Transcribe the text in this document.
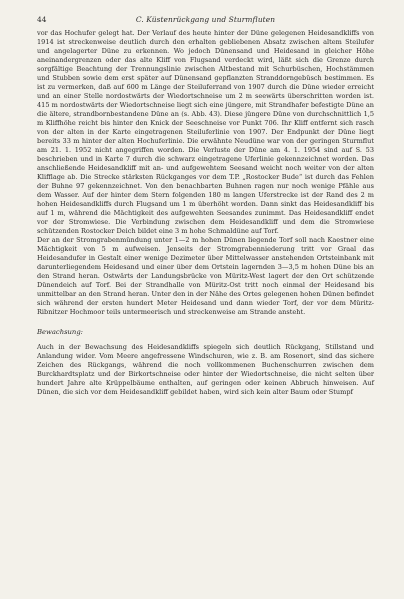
44	C. Küstenrückgang und Sturmfluten

vor das Hochufer gelegt hat. Der Verlauf des heute hinter der Düne gelegenen Heidesandkliffs von 1914 ist streckenweise deutlich durch den erhalten gebliebenen Absatz zwischen altem Steilufer und angelagerter Düne zu erkennen. Wo jedoch Dünensand und Heidesand in gleicher Höhe aneinandergrenzen oder das alte Kliff von Flugsand verdeckt wird, läßt sich die Grenze durch sorgfältige Beachtung der Trennungslinie zwischen Altbestand mit Schurbüschen, Hochstämmen und Stubben sowie dem erst später auf Dünensand gepflanzten Stranddorngebüsch bestimmen. Es ist zu vermerken, daß auf 600 m Länge der Steiluferrand von 1907 durch die Düne wieder erreicht und an einer Stelle nordostwärts der Wiedortschneise um 2 m seewärts überschritten worden ist. 415 m nordostwärts der Wiedortschneise liegt sich eine jüngere, mit Strandhafer befestigte Düne an die ältere, strandbornbestandene Düne an (s. Abb. 43). Diese jüngere Düne von durchschnittlich 1,5 m Kliffhöhe reicht bis hinter den Knick der Seeschneise vor Punkt 706. Ihr Kliff entfernt sich rasch von der alten in der Karte eingetragenen Steiluferlinie von 1907. Der Endpunkt der Düne liegt bereits 33 m hinter der alten Hochuferlinie. Die erwähnte Neudüne war von der geringen Sturmflut am 21. 1. 1952 nicht angegriffen worden. Die Verluste der Düne am 4. 1. 1954 sind auf S. 53 beschrieben und in Karte 7 durch die schwarz eingetragene Uferlinie gekennzeichnet worden. Das anschließende Heidesandkliff mit an- und aufgewehtem Seesand weicht noch weiter von der alten Klifflage ab. Die Strecke stärksten Rückganges vor dem T.P. „Rostocker Bude“ ist durch das Fehlen der Buhne 97 gekennzeichnet. Von den benachbarten Buhnen ragen nur noch wenige Pfähle aus dem Wasser. Auf der hinter dem Stern folgenden 180 m langen Uferstrecke ist der Rand des 2 m hohen Heidesandkliffs durch Flugsand um 1 m überhöht worden. Dann sinkt das Heidesandkliff bis auf 1 m, während die Mächtigkeit des aufgewehten Seesandes zunimmt. Das Heidesandkliff endet vor der Stromwiese. Die Verbindung zwischen dem Heidesandkliff und dem die Stromwiese schützenden Rostocker Deich bildet eine 3 m hohe Schmaldüne auf Torf.

Der an der Stromgrabenmündung unter 1—2 m hohen Dünen liegende Torf soll nach Kaestner eine Mächtigkeit von 5 m aufweisen. Jenseits der Stromgrabenniederung tritt vor Graal das Heidesandufer in Gestalt einer wenige Dezimeter über Mittelwasser anstehenden Ortsteinbank mit darunterliegendem Heidesand und einer über dem Ortstein lagernden 3—3,5 m hohen Düne bis an den Strand heran. Ostwärts der Landungsbrücke von Müritz-West lagert der den Ort schützende Dünendeich auf Torf. Bei der Strandhalle von Müritz-Ost tritt noch einmal der Heidesand bis unmittelbar an den Strand heran. Unter den in der Nähe des Ortes gelegenen hohen Dünen befindet sich während der ersten hundert Meter Heidesand und dann wieder Torf, der vor dem Müritz-Ribnitzer Hochmoor teils untermeerisch und streckenweise am Strande ansteht.

Bewachsung:

Auch in der Bewachsung des Heidesandkliffs spiegeln sich deutlich Rückgang, Stillstand und Anlandung wider. Vom Meere angefressene Windschuren, wie z. B. am Rosenort, sind das sichere Zeichen des Rückgangs, während die noch vollkommenen Buchenschurren zwischen dem Burckhardtsplatz und der Birkortschneise oder hinter der Wiedortschneise, die nicht selten über hundert Jahre alte Krüppelbäume enthalten, auf geringen oder keinen Abbruch hinweisen. Auf Dünen, die sich vor dem Heidesandkliff gebildet haben, wird sich kein alter Baum oder Stumpf
